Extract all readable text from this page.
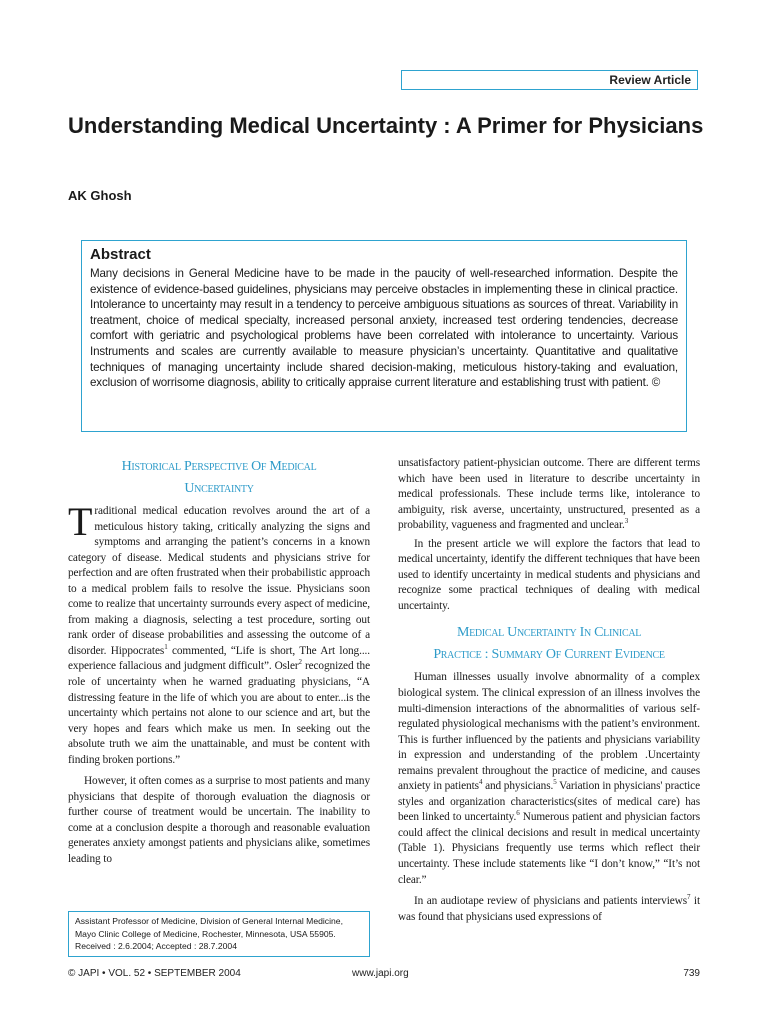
Review Article
Understanding Medical Uncertainty : A Primer for Physicians
AK Ghosh
Abstract

Many decisions in General Medicine have to be made in the paucity of well-researched information. Despite the existence of evidence-based guidelines, physicians may perceive obstacles in implementing these in clinical practice. Intolerance to uncertainty may result in a tendency to perceive ambiguous situations as sources of threat. Variability in treatment, choice of medical specialty, increased personal anxiety, increased test ordering tendencies, decrease comfort with geriatric and psychological problems have been correlated with intolerance to uncertainty. Various Instruments and scales are currently available to measure physician’s uncertainty. Quantitative and qualitative techniques of managing uncertainty include shared decision-making, meticulous history-taking and evaluation, exclusion of worrisome diagnosis, ability to critically appraise current literature and establishing trust with patient. ©

Historical Perspective Of Medical
Uncertainty

Traditional medical education revolves around the art of a meticulous history taking, critically analyzing the signs and symptoms and arranging the patient’s concerns in a known category of disease. Medical students and physicians strive for perfection and are often frustrated when their probabilistic approach to a medical problem fails to resolve the issue. Physicians soon come to realize that uncertainty surrounds every aspect of medicine, from making a diagnosis, selecting a test procedure, sorting out rank order of disease probabilities and assessing the outcome of a disorder. Hippocrates$^1$ commented, “Life is short, The Art long.... experience fallacious and judgment difficult”. Osler$^2$ recognized the role of uncertainty when he warned graduating physicians, “A distressing feature in the life of which you are about to enter...is the uncertainty which pertains not alone to our science and art, but the very hopes and fears which make us men. In seeking out the absolute truth we aim the unattainable, and must be content with finding broken portions.”

However, it often comes as a surprise to most patients and many physicians that despite of thorough evaluation the diagnosis or further course of treatment would be uncertain. The inability to come at a conclusion despite a thorough and reasonable evaluation generates anxiety amongst patients and physicians alike, sometimes leading to

unsatisfactory patient-physician outcome. There are different terms which have been used in literature to describe uncertainty in medical professionals. These include terms like, intolerance to ambiguity, risk averse, uncertainty, unstructured, presented as a probability, vagueness and fragmented and unclear.$^3$

In the present article we will explore the factors that lead to medical uncertainty, identify the different techniques that have been used to identify uncertainty in medical students and physicians and recognize some practical techniques of dealing with medical uncertainty.

Medical Uncertainty In Clinical
Practice : Summary Of Current Evidence

Human illnesses usually involve abnormality of a complex biological system. The clinical expression of an illness involves the multi-dimension interactions of the abnormalities of various self-regulated physiological mechanisms with the patient’s environment. This is further influenced by the patients and physicians variability in expression and understanding of the problem .Uncertainty remains prevalent throughout the practice of medicine, and causes anxiety in patients$^4$ and physicians.$^5$ Variation in physicians' practice styles and organization characteristics(sites of medical care) has been linked to uncertainty.$^6$ Numerous patient and physician factors could affect the clinical decisions and result in medical uncertainty (Table 1). Physicians frequently use terms which reflect their uncertainty. These include statements like “I don’t know,” “It’s not clear.”

In an audiotape review of physicians and patients interviews$^7$ it was found that physicians used expressions of

Assistant Professor of Medicine, Division of General Internal Medicine,
Mayo Clinic College of Medicine, Rochester, Minnesota, USA 55905.
Received : 2.6.2004; Accepted : 28.7.2004
© JAPI • VOL. 52 • SEPTEMBER 2004	www.japi.org	739
